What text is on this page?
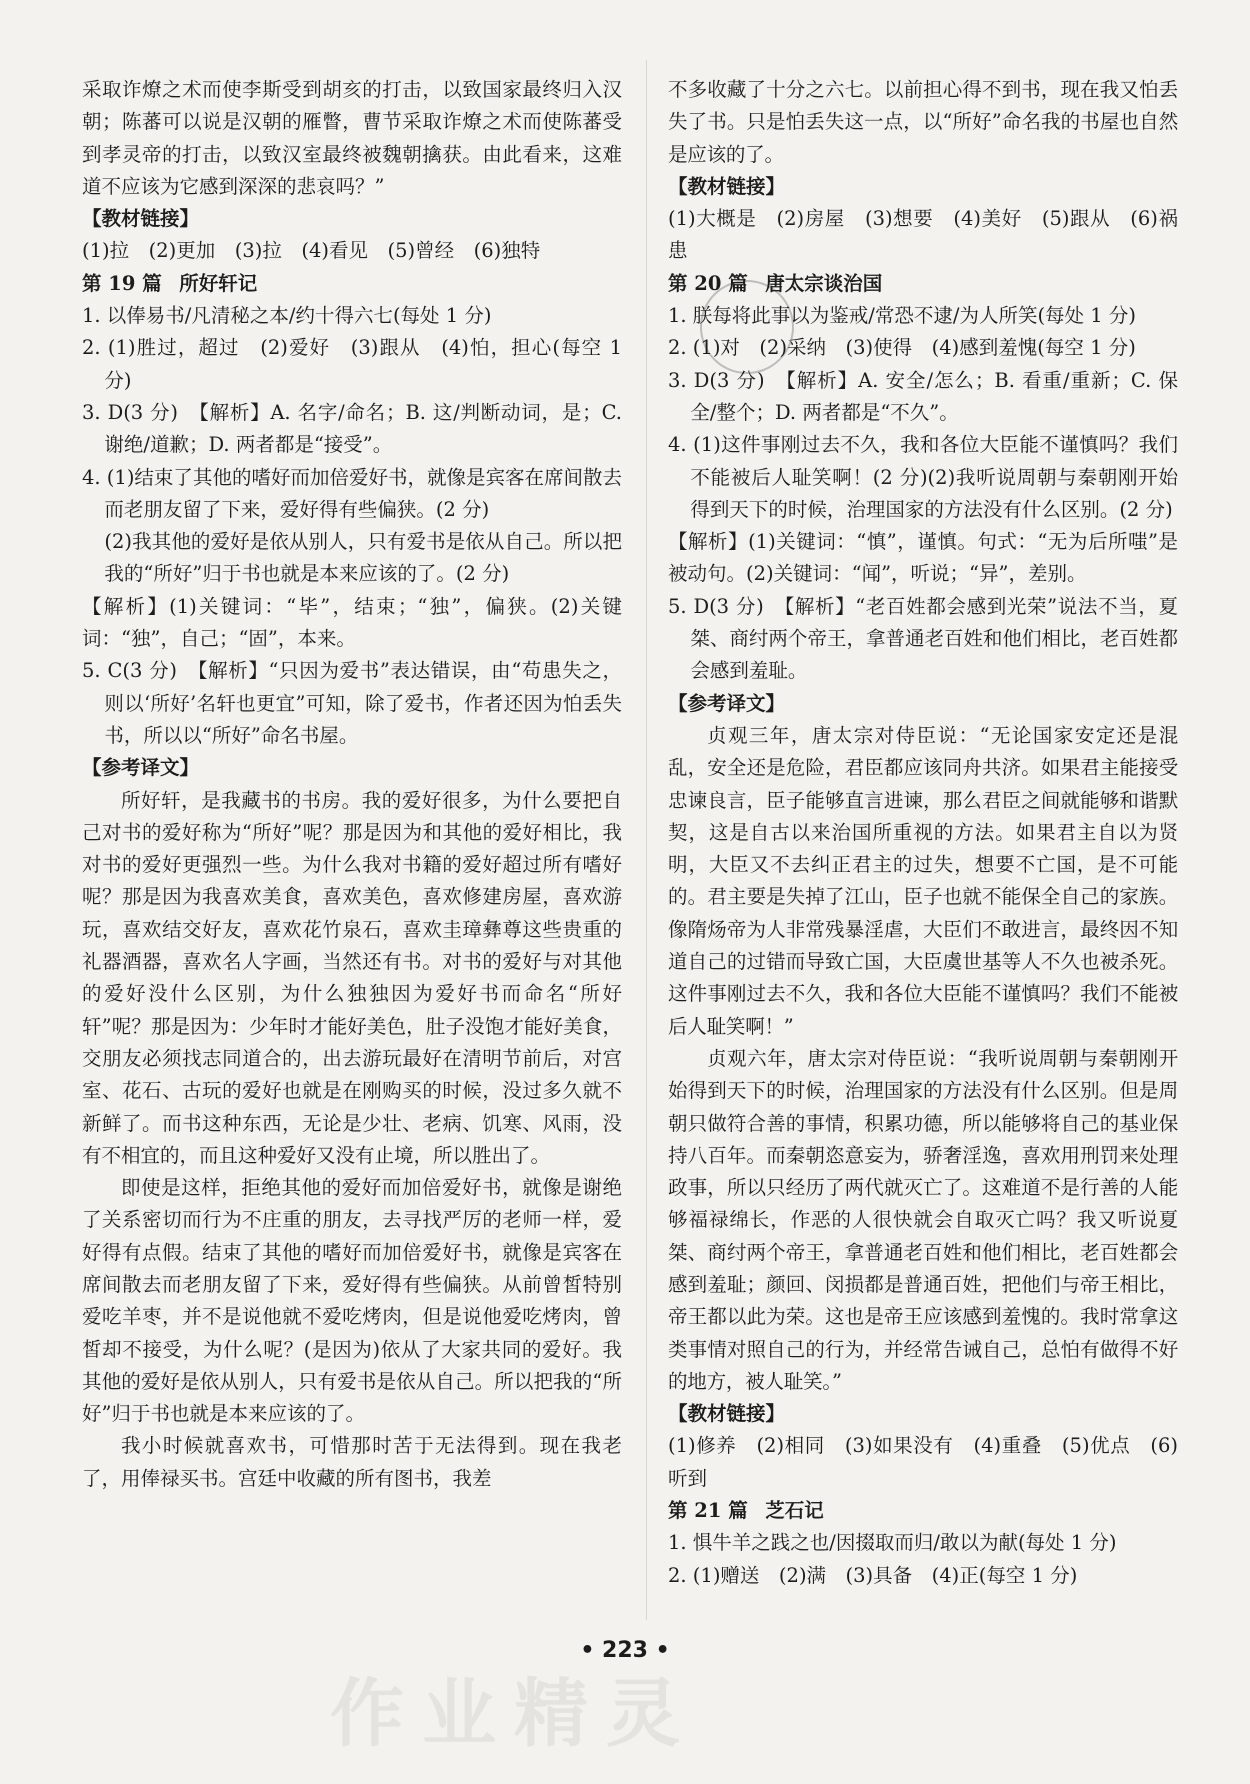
采取诈燎之术而使李斯受到胡亥的打击，以致国家最终归入汉朝；陈蕃可以说是汉朝的雁瞥，曹节采取诈燎之术而使陈蕃受到孝灵帝的打击，以致汉室最终被魏朝擒获。由此看来，这难道不应该为它感到深深的悲哀吗？”

【教材链接】

(1)拉　(2)更加　(3)拉　(4)看见　(5)曾经　(6)独特

第 19 篇 所好轩记

1. 以俸易书/凡清秘之本/约十得六七(每处 1 分)

2. (1)胜过，超过　(2)爱好　(3)跟从　(4)怕，担心(每空 1 分)

3. D(3 分)　【解析】A. 名字/命名；B. 这/判断动词，是；C. 谢绝/道歉；D. 两者都是“接受”。

4. (1)结束了其他的嗜好而加倍爱好书，就像是宾客在席间散去而老朋友留了下来，爱好得有些偏狭。(2 分)

(2)我其他的爱好是依从别人，只有爱书是依从自己。所以把我的“所好”归于书也就是本来应该的了。(2 分)

【解析】(1)关键词：“毕”，结束；“独”，偏狭。(2)关键词：“独”，自己；“固”，本来。

5. C(3 分)　【解析】“只因为爱书”表达错误，由“苟患失之，则以‘所好’名轩也更宜”可知，除了爱书，作者还因为怕丢失书，所以以“所好”命名书屋。

【参考译文】

所好轩，是我藏书的书房。我的爱好很多，为什么要把自己对书的爱好称为“所好”呢？那是因为和其他的爱好相比，我对书的爱好更强烈一些。为什么我对书籍的爱好超过所有嗜好呢？那是因为我喜欢美食，喜欢美色，喜欢修建房屋，喜欢游玩，喜欢结交好友，喜欢花竹泉石，喜欢圭璋彝尊这些贵重的礼器酒器，喜欢名人字画，当然还有书。对书的爱好与对其他的爱好没什么区别，为什么独独因为爱好书而命名“所好轩”呢？那是因为：少年时才能好美色，肚子没饱才能好美食，交朋友必须找志同道合的，出去游玩最好在清明节前后，对宫室、花石、古玩的爱好也就是在刚购买的时候，没过多久就不新鲜了。而书这种东西，无论是少壮、老病、饥寒、风雨，没有不相宜的，而且这种爱好又没有止境，所以胜出了。

即使是这样，拒绝其他的爱好而加倍爱好书，就像是谢绝了关系密切而行为不庄重的朋友，去寻找严厉的老师一样，爱好得有点假。结束了其他的嗜好而加倍爱好书，就像是宾客在席间散去而老朋友留了下来，爱好得有些偏狭。从前曾皙特别爱吃羊枣，并不是说他就不爱吃烤肉，但是说他爱吃烤肉，曾皙却不接受，为什么呢？(是因为)依从了大家共同的爱好。我其他的爱好是依从别人，只有爱书是依从自己。所以把我的“所好”归于书也就是本来应该的了。

我小时候就喜欢书，可惜那时苦于无法得到。现在我老了，用俸禄买书。宫廷中收藏的所有图书，我差

不多收藏了十分之六七。以前担心得不到书，现在我又怕丢失了书。只是怕丢失这一点，以“所好”命名我的书屋也自然是应该的了。

【教材链接】

(1)大概是　(2)房屋　(3)想要　(4)美好　(5)跟从　(6)祸患

第 20 篇 唐太宗谈治国

1. 朕每将此事以为鉴戒/常恐不逮/为人所笑(每处 1 分)

2. (1)对　(2)采纳　(3)使得　(4)感到羞愧(每空 1 分)

3. D(3 分)　【解析】A. 安全/怎么；B. 看重/重新；C. 保全/整个；D. 两者都是“不久”。

4. (1)这件事刚过去不久，我和各位大臣能不谨慎吗？我们不能被后人耻笑啊！(2 分)(2)我听说周朝与秦朝刚开始得到天下的时候，治理国家的方法没有什么区别。(2 分)

【解析】(1)关键词：“慎”，谨慎。句式：“无为后所嗤”是被动句。(2)关键词：“闻”，听说；“异”，差别。

5. D(3 分)　【解析】“老百姓都会感到光荣”说法不当，夏桀、商纣两个帝王，拿普通老百姓和他们相比，老百姓都会感到羞耻。

【参考译文】

贞观三年，唐太宗对侍臣说：“无论国家安定还是混乱，安全还是危险，君臣都应该同舟共济。如果君主能接受忠谏良言，臣子能够直言进谏，那么君臣之间就能够和谐默契，这是自古以来治国所重视的方法。如果君主自以为贤明，大臣又不去纠正君主的过失，想要不亡国，是不可能的。君主要是失掉了江山，臣子也就不能保全自己的家族。像隋炀帝为人非常残暴淫虐，大臣们不敢进言，最终因不知道自己的过错而导致亡国，大臣虞世基等人不久也被杀死。这件事刚过去不久，我和各位大臣能不谨慎吗？我们不能被后人耻笑啊！”

贞观六年，唐太宗对侍臣说：“我听说周朝与秦朝刚开始得到天下的时候，治理国家的方法没有什么区别。但是周朝只做符合善的事情，积累功德，所以能够将自己的基业保持八百年。而秦朝恣意妄为，骄奢淫逸，喜欢用刑罚来处理政事，所以只经历了两代就灭亡了。这难道不是行善的人能够福禄绵长，作恶的人很快就会自取灭亡吗？我又听说夏桀、商纣两个帝王，拿普通老百姓和他们相比，老百姓都会感到羞耻；颜回、闵损都是普通百姓，把他们与帝王相比，帝王都以此为荣。这也是帝王应该感到羞愧的。我时常拿这类事情对照自己的行为，并经常告诫自己，总怕有做得不好的地方，被人耻笑。”

【教材链接】

(1)修养　(2)相同　(3)如果没有　(4)重叠　(5)优点　(6)听到

第 21 篇 芝石记

1. 惧牛羊之践之也/因掇取而归/敢以为献(每处 1 分)

2. (1)赠送　(2)满　(3)具备　(4)正(每空 1 分)

• 223 •
作业精灵
